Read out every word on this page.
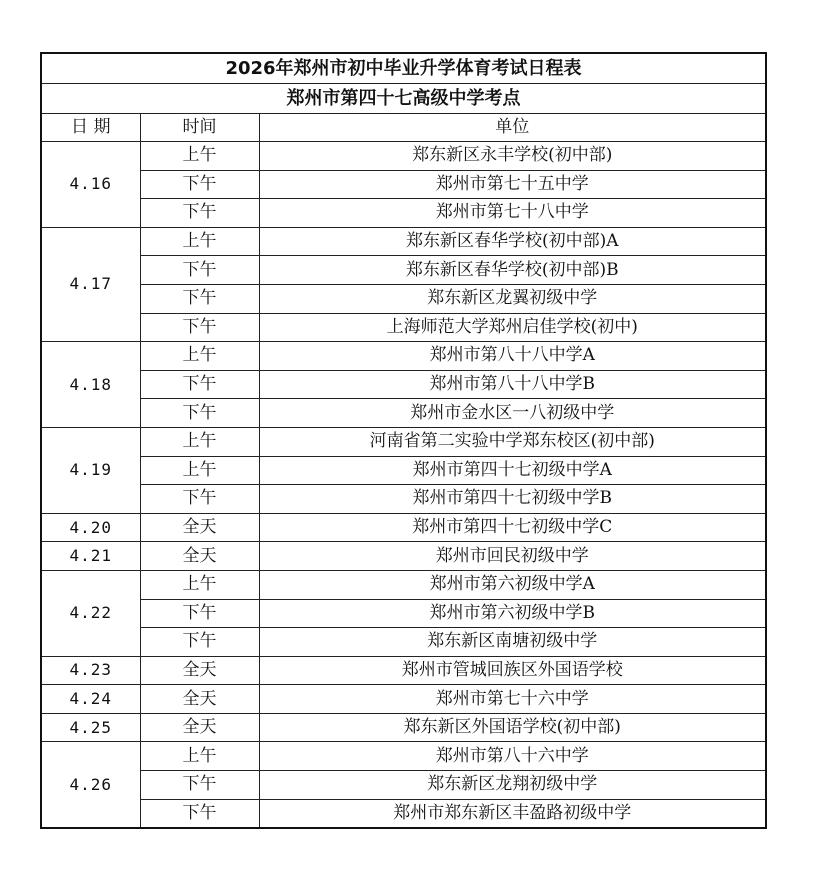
2026年郑州市初中毕业升学体育考试日程表		
郑州市第四十七高级中学考点		
日 期	时间	单位
4.16	上午	郑东新区永丰学校(初中部)
	下午	郑州市第七十五中学
	下午	郑州市第七十八中学
4.17	上午	郑东新区春华学校(初中部)A
	下午	郑东新区春华学校(初中部)B
	下午	郑东新区龙翼初级中学
	下午	上海师范大学郑州启佳学校(初中)
4.18	上午	郑州市第八十八中学A
	下午	郑州市第八十八中学B
	下午	郑州市金水区一八初级中学
4.19	上午	河南省第二实验中学郑东校区(初中部)
	上午	郑州市第四十七初级中学A
	下午	郑州市第四十七初级中学B
4.20	全天	郑州市第四十七初级中学C
4.21	全天	郑州市回民初级中学
4.22	上午	郑州市第六初级中学A
	下午	郑州市第六初级中学B
	下午	郑东新区南塘初级中学
4.23	全天	郑州市管城回族区外国语学校
4.24	全天	郑州市第七十六中学
4.25	全天	郑东新区外国语学校(初中部)
4.26	上午	郑州市第八十六中学
	下午	郑东新区龙翔初级中学
	下午	郑州市郑东新区丰盈路初级中学
